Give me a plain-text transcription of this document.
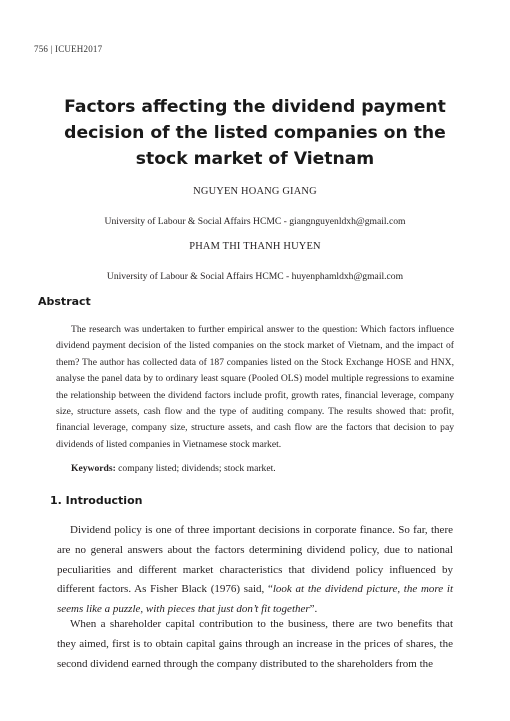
756 | ICUEH2017
Factors affecting the dividend payment decision of the listed companies on the stock market of Vietnam
NGUYEN HOANG GIANG
University of Labour & Social Affairs HCMC - giangnguyenldxh@gmail.com
PHAM THI THANH HUYEN
University of Labour & Social Affairs HCMC - huyenphamldxh@gmail.com
Abstract

The research was undertaken to further empirical answer to the question: Which factors influence dividend payment decision of the listed companies on the stock market of Vietnam, and the impact of them? The author has collected data of 187 companies listed on the Stock Exchange HOSE and HNX, analyse the panel data by to ordinary least square (Pooled OLS) model multiple regressions to examine the relationship between the dividend factors include profit, growth rates, financial leverage, company size, structure assets, cash flow and the type of auditing company. The results showed that: profit, financial leverage, company size, structure assets, and cash flow are the factors that decision to pay dividends of listed companies in Vietnamese stock market.

Keywords: company listed; dividends; stock market.
1. Introduction

Dividend policy is one of three important decisions in corporate finance. So far, there are no general answers about the factors determining dividend policy, due to national peculiarities and different market characteristics that dividend policy influenced by different factors. As Fisher Black (1976) said, “look at the dividend picture, the more it seems like a puzzle, with pieces that just don’t fit together”.

When a shareholder capital contribution to the business, there are two benefits that they aimed, first is to obtain capital gains through an increase in the prices of shares, the second dividend earned through the company distributed to the shareholders from the
